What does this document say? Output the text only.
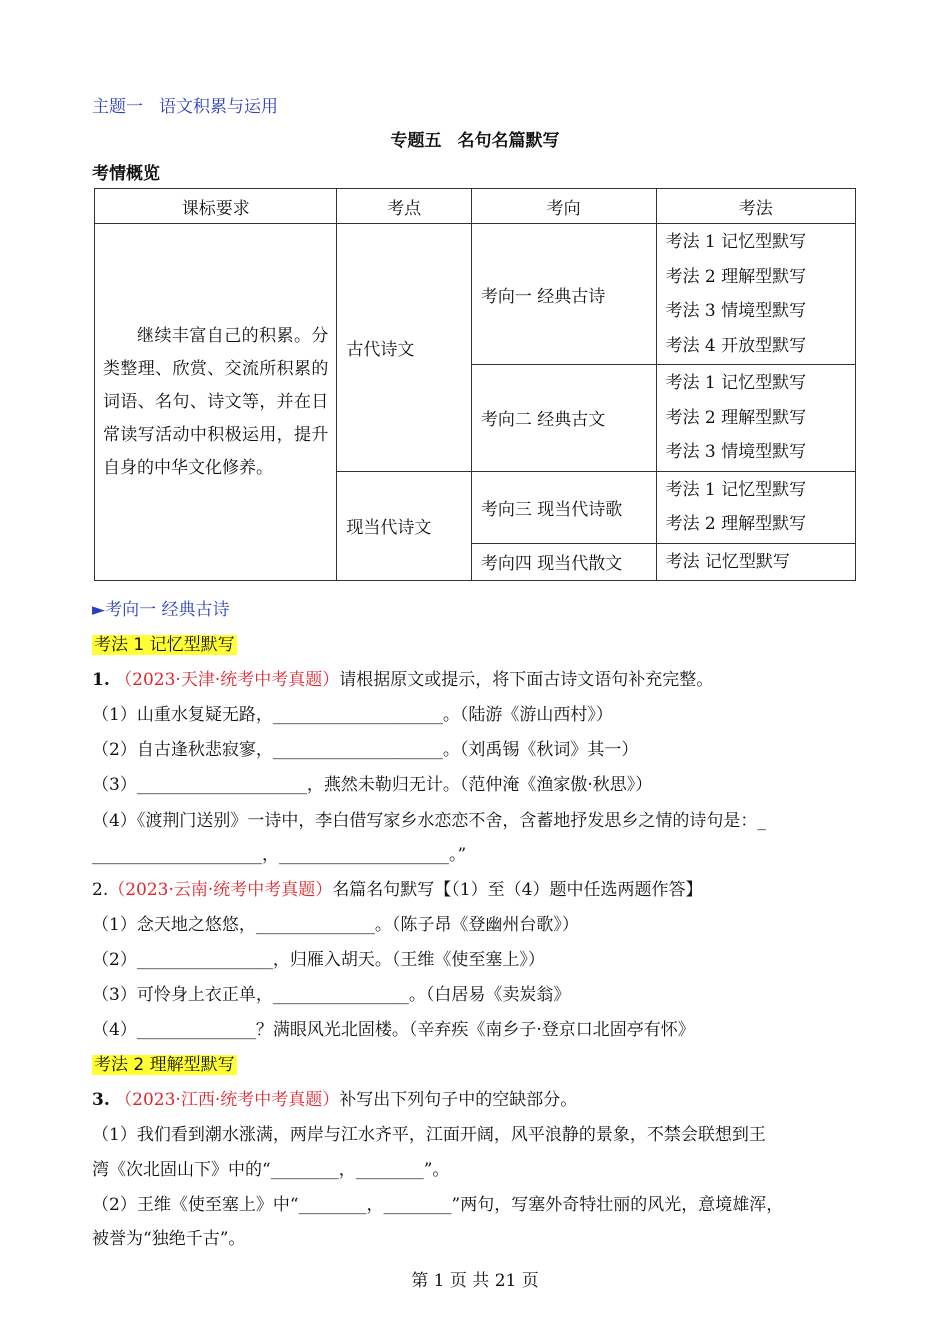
主题一 语文积累与运用
专题五 名句名篇默写
考情概览
课标要求	考点	考向	考法
继续丰富自己的积累。分类整理、欣赏、交流所积累的词语、名句、诗文等，并在日常读写活动中积极运用，提升自身的中华文化修养。	古代诗文	考向一 经典古诗	考法 1 记忆型默写
考法 2 理解型默写
考法 3 情境型默写
考法 4 开放型默写

		考向二 经典古文	考法 1 记忆型默写
考法 2 理解型默写
考法 3 情境型默写

	现当代诗文	考向三 现当代诗歌	考法 1 记忆型默写
考法 2 理解型默写

		考向四 现当代散文	考法 记忆型默写
►考向一 经典古诗
考法 1 记忆型默写
1. （2023·天津·统考中考真题）请根据原文或提示，将下面古诗文语句补充完整。
（1）山重水复疑无路，____________________。（陆游《游山西村》）
（2）自古逢秋悲寂寥，____________________。（刘禹锡《秋词》其一）
（3）____________________，燕然未勒归无计。（范仲淹《渔家傲·秋思》）
（4）《渡荆门送别》一诗中，李白借写家乡水恋恋不舍，含蓄地抒发思乡之情的诗句是：_
____________________，____________________。”
2.（2023·云南·统考中考真题）名篇名句默写【（1）至（4）题中任选两题作答】
（1）念天地之悠悠，______________。（陈子昂《登幽州台歌》）
（2）________________，归雁入胡天。（王维《使至塞上》）
（3）可怜身上衣正单，________________。（白居易《卖炭翁》
（4）______________？满眼风光北固楼。（辛弃疾《南乡子·登京口北固亭有怀》
考法 2 理解型默写
3. （2023·江西·统考中考真题）补写出下列句子中的空缺部分。
（1）我们看到潮水涨满，两岸与江水齐平，江面开阔，风平浪静的景象，不禁会联想到王
湾《次北固山下》中的“________，________”。
（2）王维《使至塞上》中“________，________”两句，写塞外奇特壮丽的风光，意境雄浑，
被誉为“独绝千古”。
第 1 页 共 21 页
